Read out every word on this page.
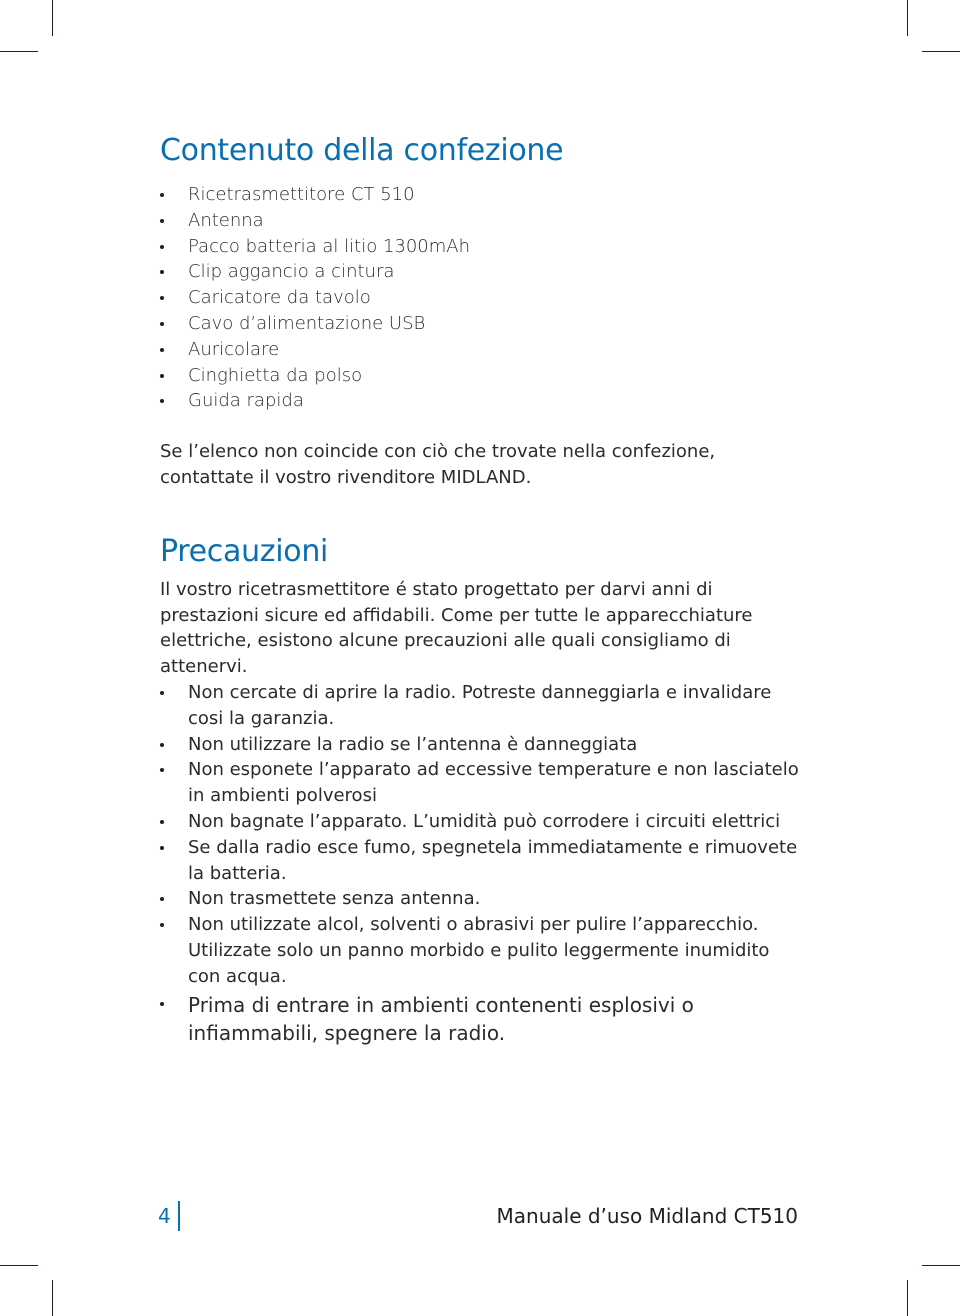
Contenuto della confezione
Ricetrasmettitore CT 510
Antenna
Pacco batteria al litio 1300mAh
Clip aggancio a cintura
Caricatore da tavolo
Cavo d’alimentazione USB
Auricolare
Cinghietta da polso
Guida rapida

Se l’elenco non coincide con ciò che trovate nella confezione, contattate il vostro rivenditore MIDLAND.

Precauzioni

Il vostro ricetrasmettitore é stato progettato per darvi anni di prestazioni sicure ed affidabili. Come per tutte le apparecchiature elettriche, esistono alcune precauzioni alle quali consigliamo di attenervi.

Non cercate di aprire la radio. Potreste danneggiarla e invalidare cosi la garanzia.
Non utilizzare la radio se l’antenna è danneggiata
Non esponete l’apparato ad eccessive temperature e non lasciatelo in ambienti polverosi
Non bagnate l’apparato. L’umidità può corrodere i circuiti elettrici
Se dalla radio esce fumo, spegnetela immediatamente e rimuovete la batteria.
Non trasmettete senza antenna.
Non utilizzate alcol, solventi o abrasivi per pulire l’apparecchio. Utilizzate solo un panno morbido e pulito leggermente inumidito con acqua.
Prima di entrare in ambienti contenenti esplosivi o infiammabili, spegnere la radio.
4	Manuale d’uso Midland CT510
